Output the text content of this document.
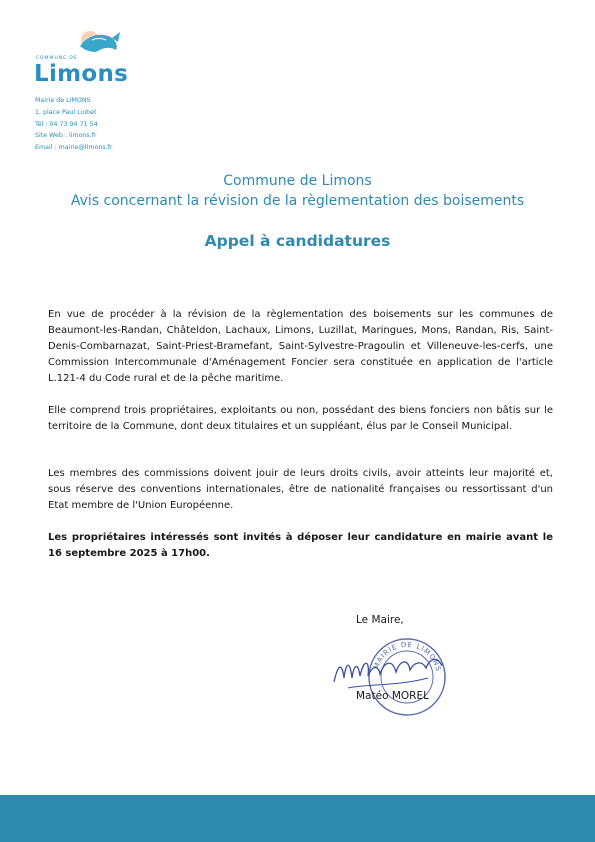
COMMUNE DE
Limons
Mairie de LIMONS
1, place Paul Liobet
Tél : 04 73 94 71 54
Site Web : limons.fr
Email : mairie@limons.fr
Commune de Limons
Avis concernant la révision de la règlementation des boisements
Appel à candidatures
En vue de procéder à la révision de la règlementation des boisements sur les communes de Beaumont-les-Randan, Châteldon, Lachaux, Limons, Luzillat, Maringues, Mons, Randan, Ris, Saint-Denis-Combarnazat, Saint-Priest-Bramefant, Saint-Sylvestre-Pragoulin et Villeneuve-les-cerfs, une Commission Intercommunale d'Aménagement Foncier sera constituée en application de l'article L.121-4 du Code rural et de la pêche maritime.
Elle comprend trois propriétaires, exploitants ou non, possédant des biens fonciers non bâtis sur le territoire de la Commune, dont deux titulaires et un suppléant, élus par le Conseil Municipal.
Les membres des commissions doivent jouir de leurs droits civils, avoir atteints leur majorité et, sous réserve des conventions internationales, être de nationalité françaises ou ressortissant d'un Etat membre de l'Union Européenne.
Les propriétaires intéressés sont invités à déposer leur candidature en mairie avant le 16 septembre 2025 à 17h00.
Le Maire,
MAIRIE DE LIMONS
Matéo MOREL
